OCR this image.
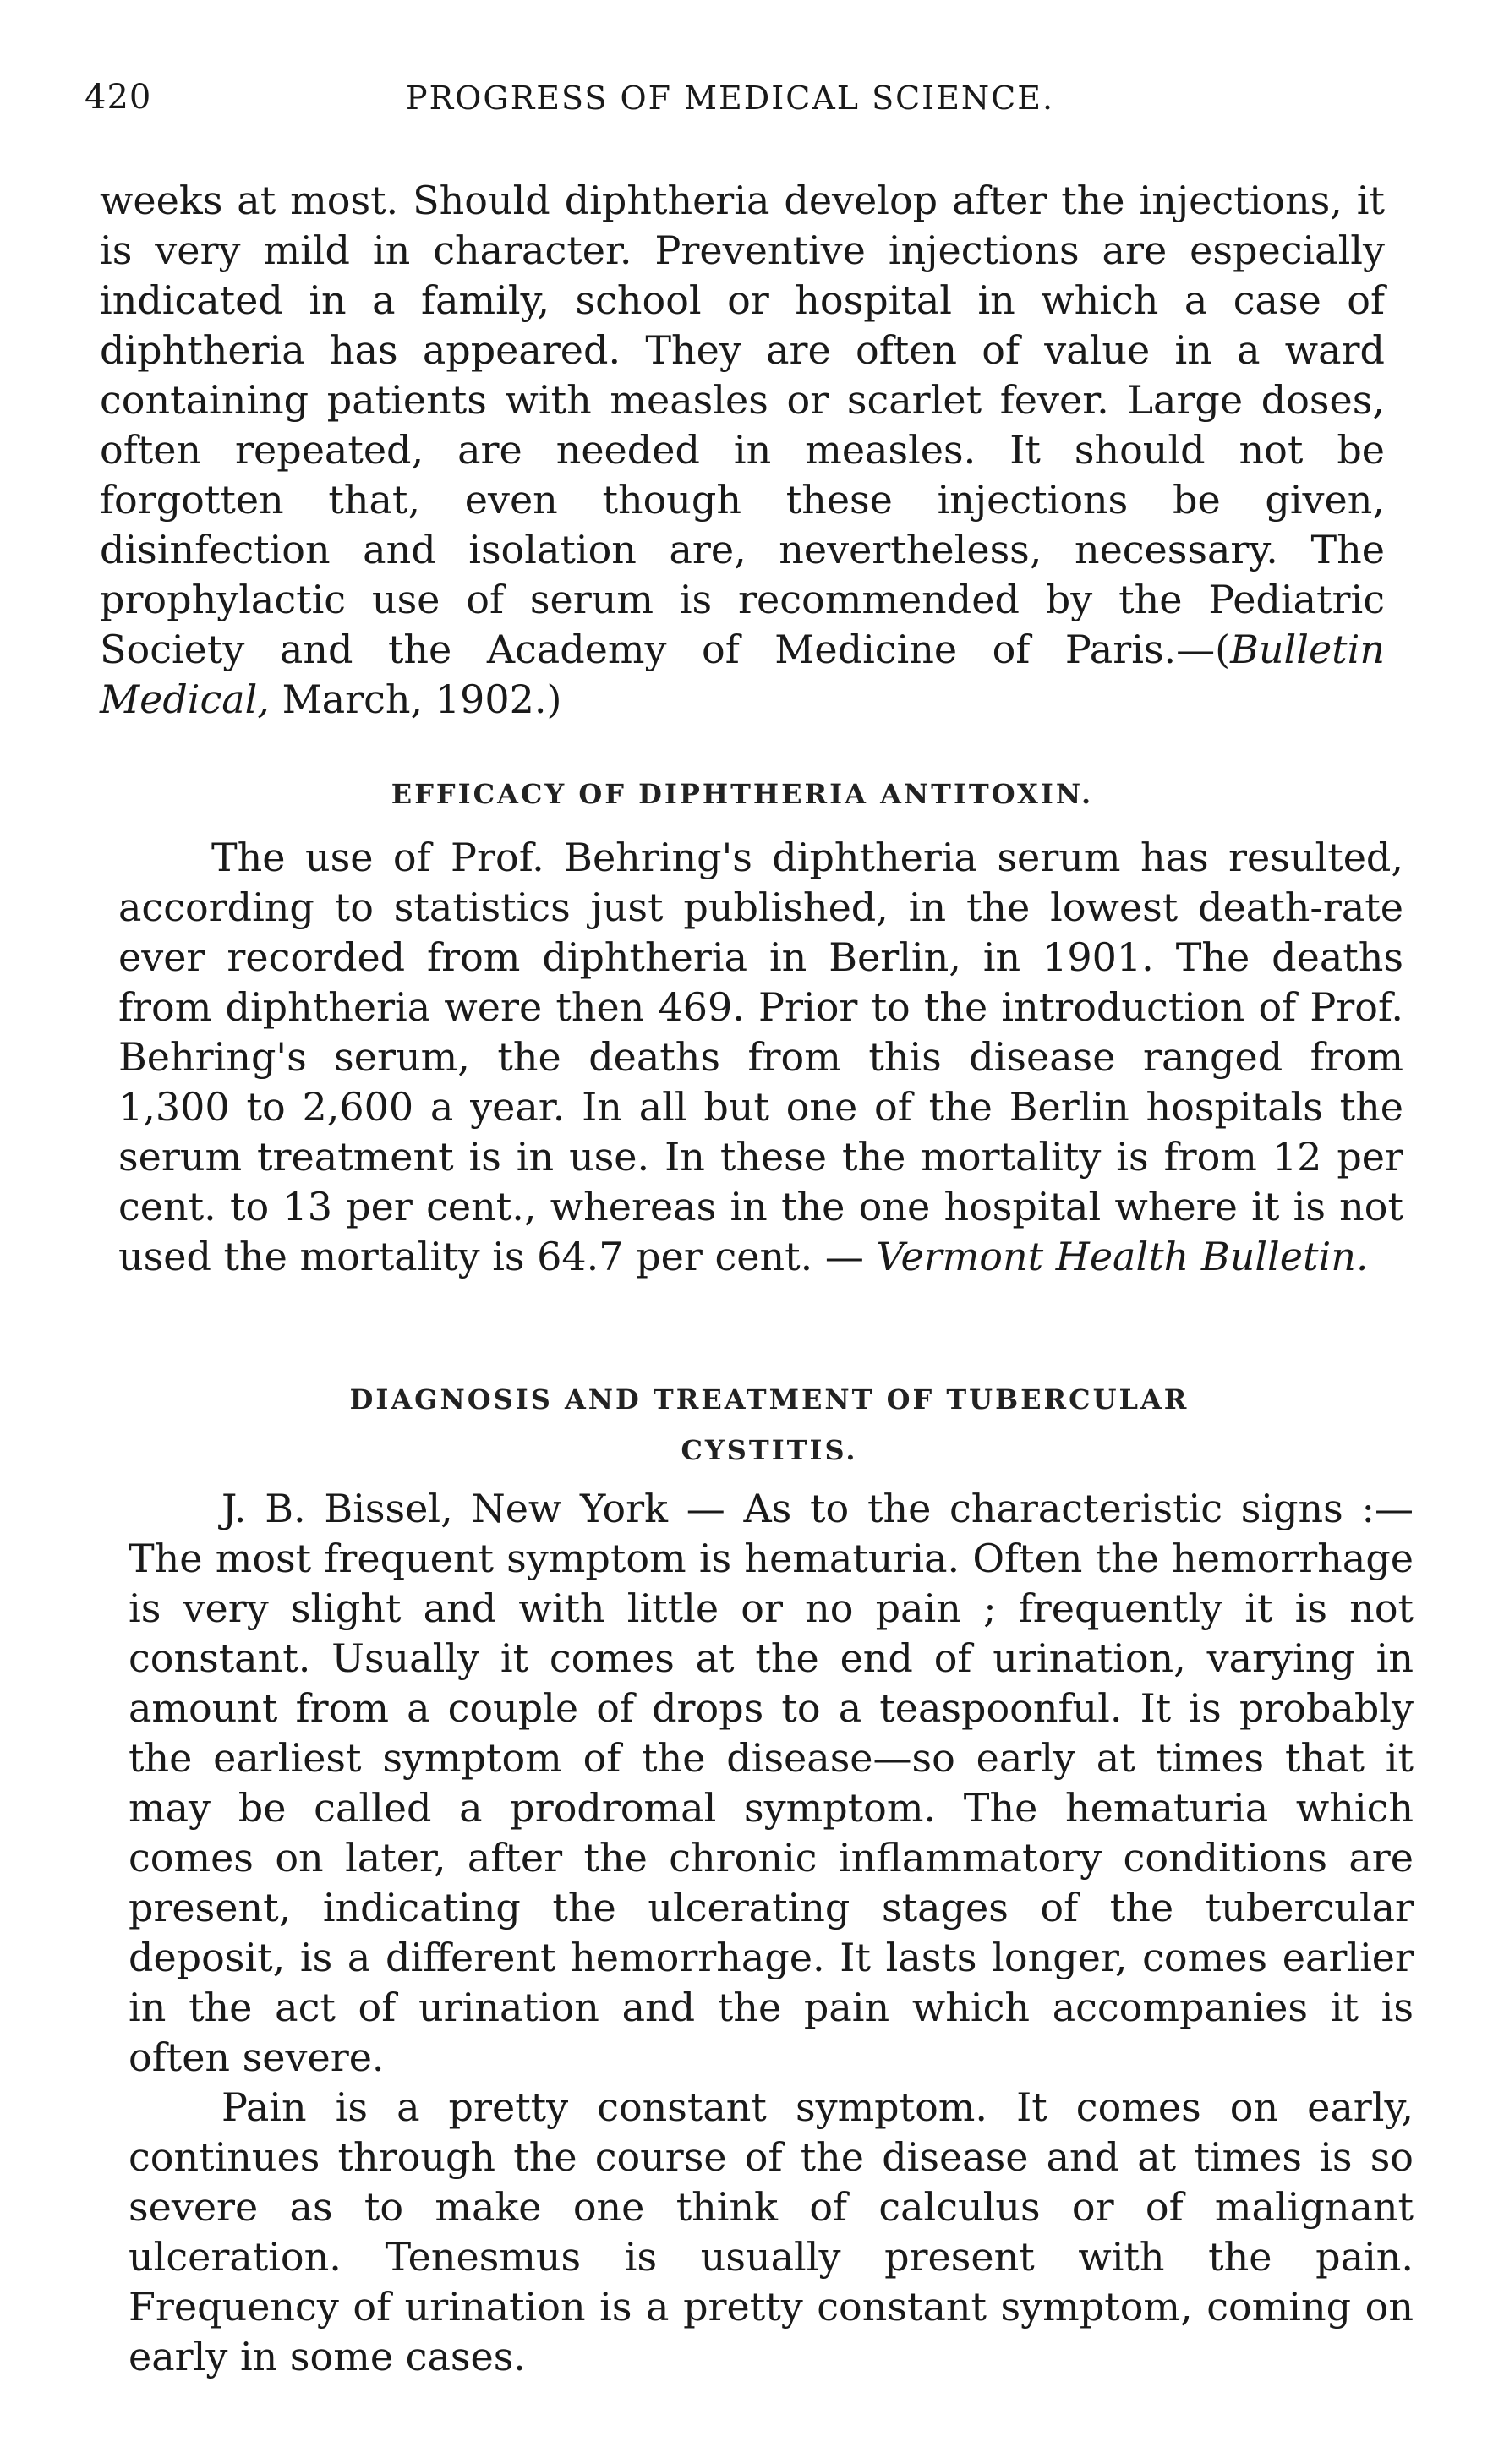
420	PROGRESS OF MEDICAL SCIENCE.

weeks at most. Should diphtheria develop after the injections, it is very mild in character. Preventive injections are especially indicated in a family, school or hospital in which a case of diphtheria has appeared. They are often of value in a ward containing patients with measles or scarlet fever. Large doses, often repeated, are needed in measles. It should not be forgotten that, even though these injections be given, disinfection and isolation are, nevertheless, necessary. The prophylactic use of serum is recommended by the Pediatric Society and the Academy of Medicine of Paris.—(Bulletin Medical, March, 1902.)

EFFICACY OF DIPHTHERIA ANTITOXIN.

The use of Prof. Behring's diphtheria serum has resulted, according to statistics just published, in the lowest death-rate ever recorded from diphtheria in Berlin, in 1901. The deaths from diphtheria were then 469. Prior to the introduction of Prof. Behring's serum, the deaths from this disease ranged from 1,300 to 2,600 a year. In all but one of the Berlin hospitals the serum treatment is in use. In these the mortality is from 12 per cent. to 13 per cent., whereas in the one hospital where it is not used the mortality is 64.7 per cent. — Vermont Health Bulletin.

DIAGNOSIS AND TREATMENT OF TUBERCULAR
CYSTITIS.

J. B. Bissel, New York — As to the characteristic signs :—The most frequent symptom is hematuria. Often the hemorrhage is very slight and with little or no pain ; frequently it is not constant. Usually it comes at the end of urination, varying in amount from a couple of drops to a teaspoonful. It is probably the earliest symptom of the disease—so early at times that it may be called a prodromal symptom. The hematuria which comes on later, after the chronic inflammatory conditions are present, indicating the ulcerating stages of the tubercular deposit, is a different hemorrhage. It lasts longer, comes earlier in the act of urination and the pain which accompanies it is often severe.

Pain is a pretty constant symptom. It comes on early, continues through the course of the disease and at times is so severe as to make one think of calculus or of malignant ulceration. Tenesmus is usually present with the pain. Frequency of urination is a pretty constant symptom, coming on early in some cases.
